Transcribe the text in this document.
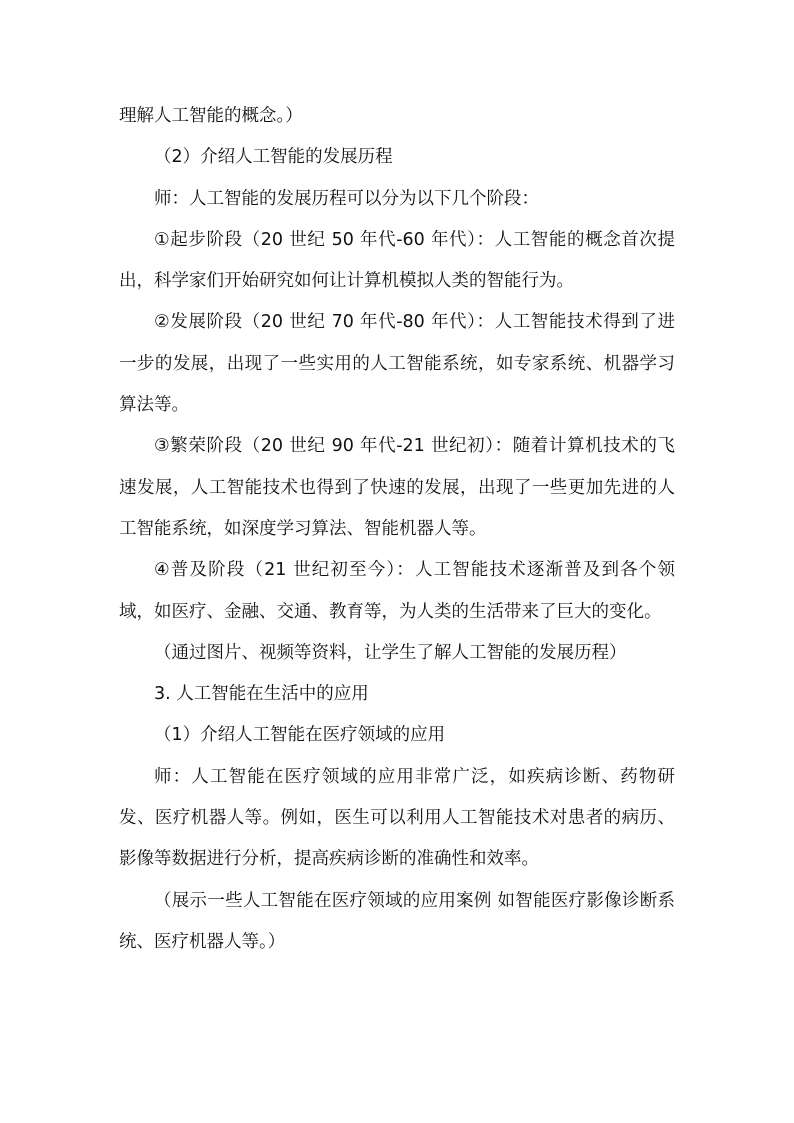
理解人工智能的概念。）

（2）介绍人工智能的发展历程

师：人工智能的发展历程可以分为以下几个阶段：

①起步阶段（20 世纪 50 年代-60 年代）：人工智能的概念首次提出，科学家们开始研究如何让计算机模拟人类的智能行为。

②发展阶段（20 世纪 70 年代-80 年代）：人工智能技术得到了进一步的发展，出现了一些实用的人工智能系统，如专家系统、机器学习算法等。

③繁荣阶段（20 世纪 90 年代-21 世纪初）：随着计算机技术的飞速发展，人工智能技术也得到了快速的发展，出现了一些更加先进的人工智能系统，如深度学习算法、智能机器人等。

④普及阶段（21 世纪初至今）：人工智能技术逐渐普及到各个领域，如医疗、金融、交通、教育等，为人类的生活带来了巨大的变化。

（通过图片、视频等资料，让学生了解人工智能的发展历程）

3. 人工智能在生活中的应用

（1）介绍人工智能在医疗领域的应用

师：人工智能在医疗领域的应用非常广泛，如疾病诊断、药物研发、医疗机器人等。例如，医生可以利用人工智能技术对患者的病历、影像等数据进行分析，提高疾病诊断的准确性和效率。

（展示一些人工智能在医疗领域的应用案例 如智能医疗影像诊断系统、医疗机器人等。）
